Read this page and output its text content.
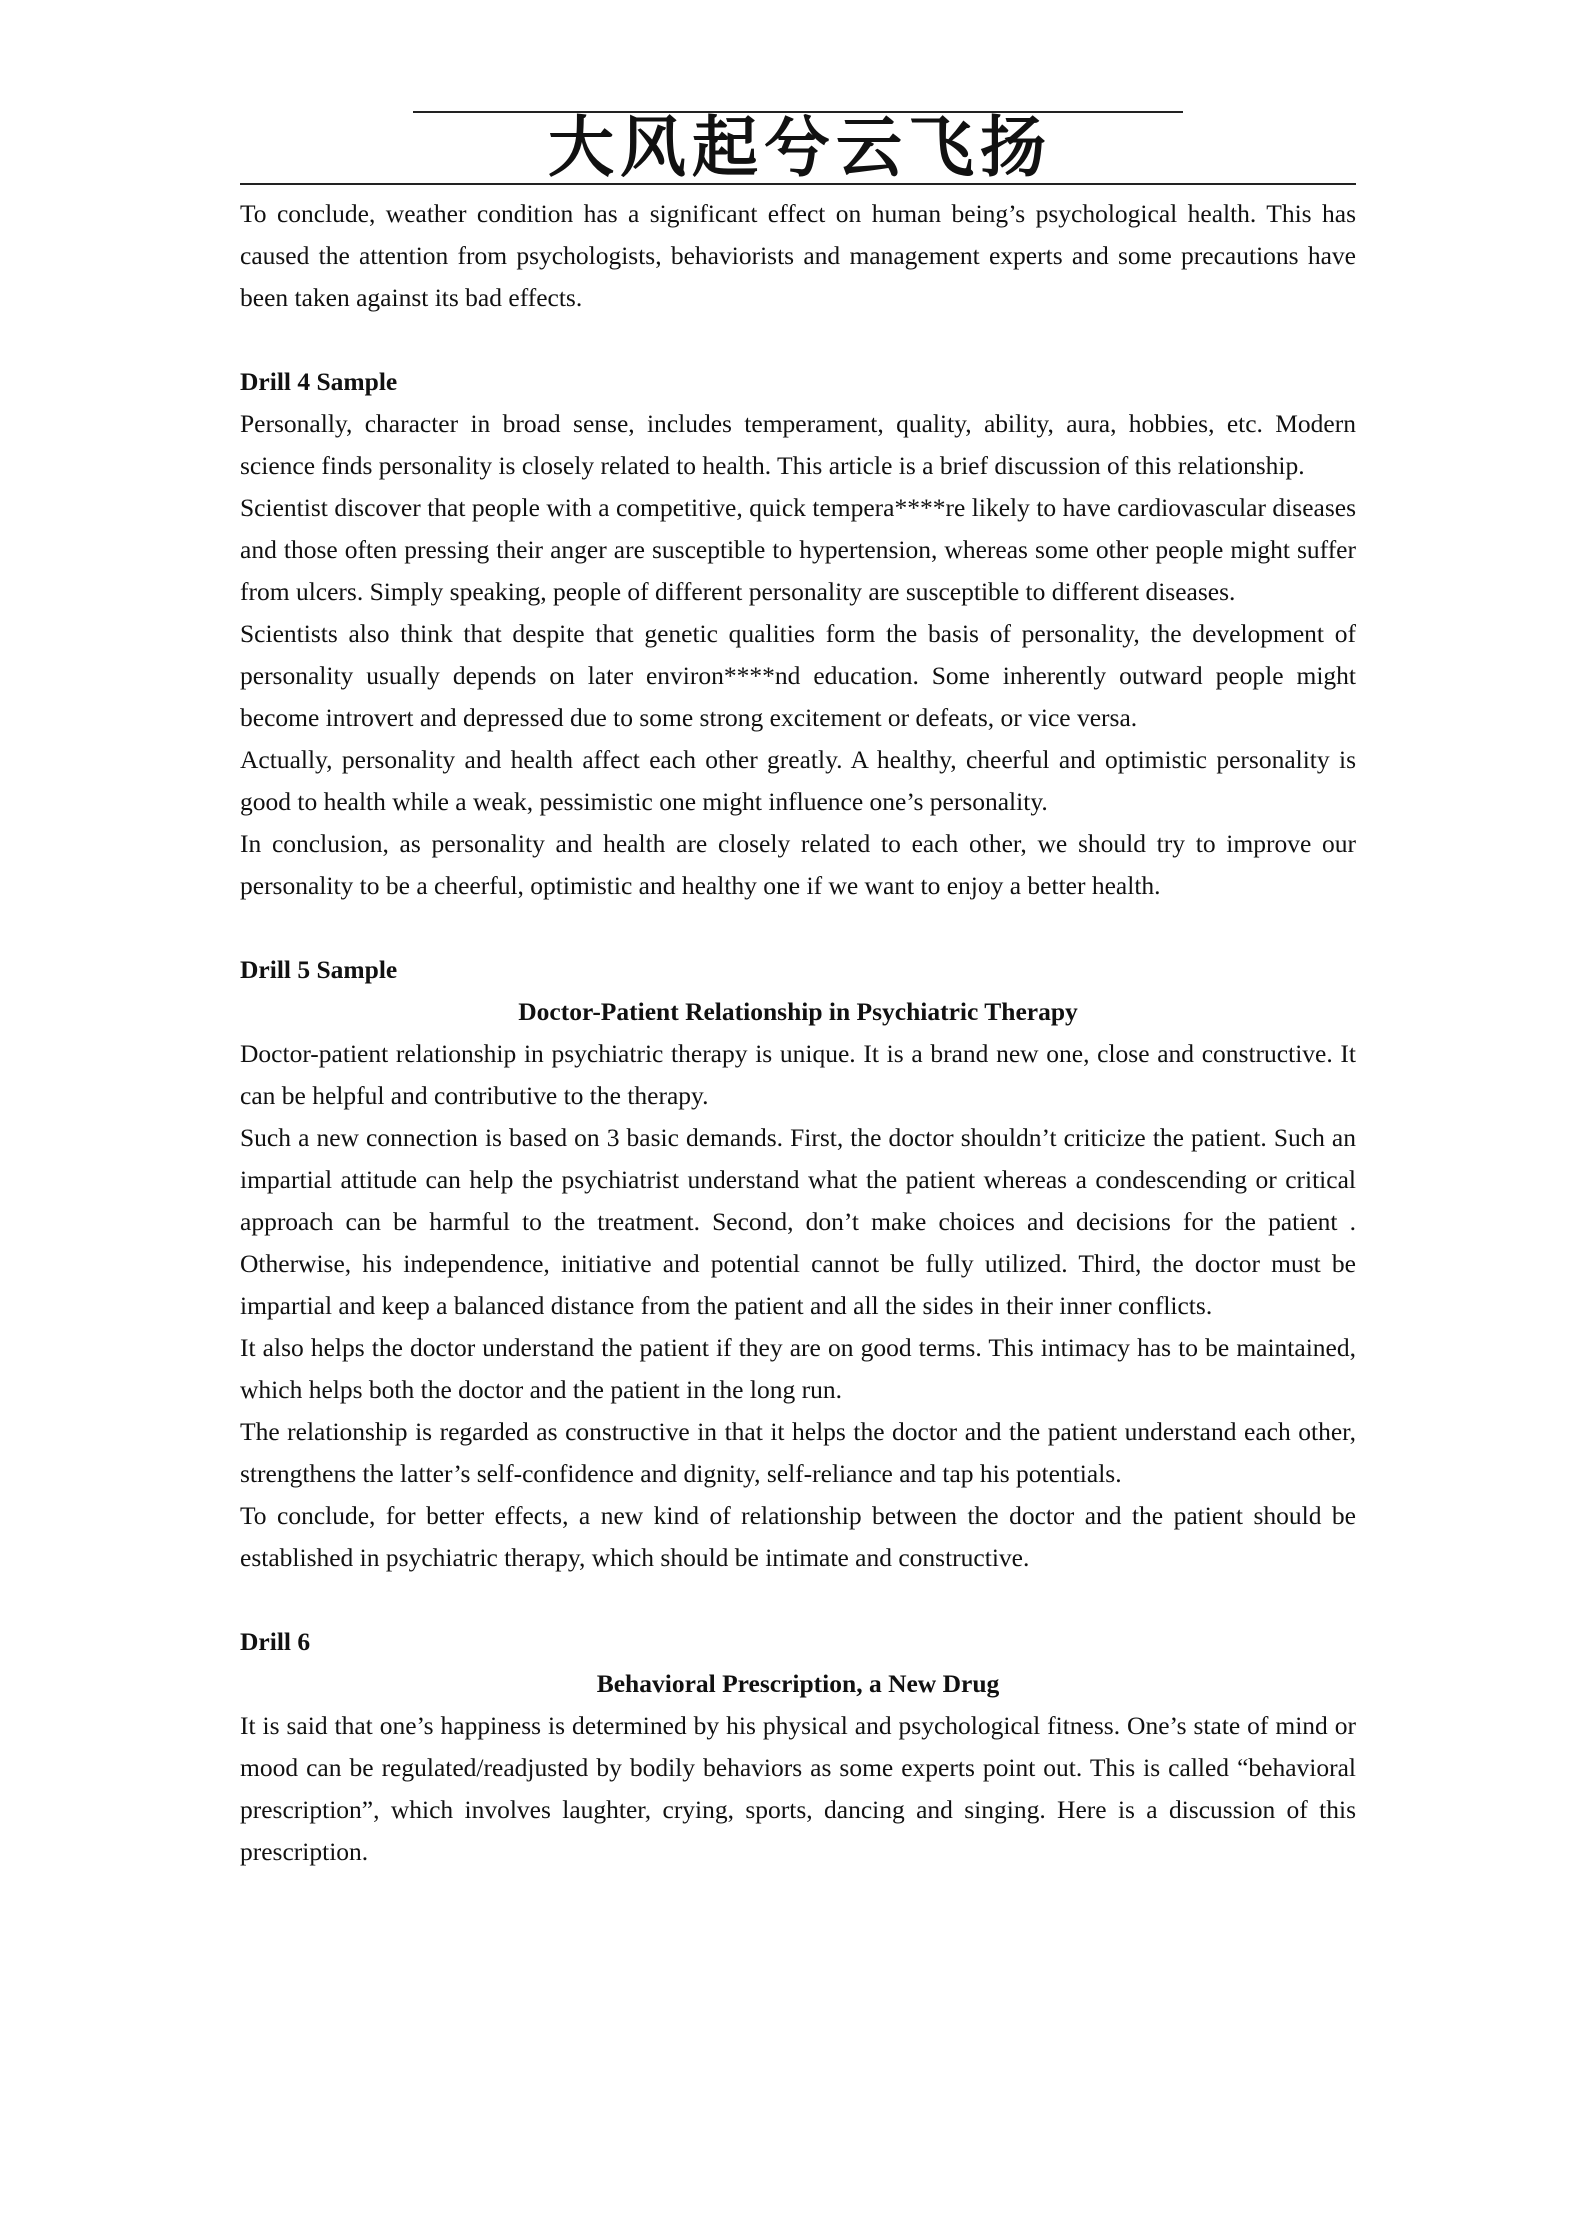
大风起兮云飞扬

To conclude, weather condition has a significant effect on human being’s psychological health. This has caused the attention from psychologists, behaviorists and management experts and some precautions have been taken against its bad effects.

Drill 4 Sample

Personally, character in broad sense, includes temperament, quality, ability, aura, hobbies, etc. Modern science finds personality is closely related to health. This article is a brief discussion of this relationship.

Scientist discover that people with a competitive, quick tempera****re likely to have cardiovascular diseases and those often pressing their anger are susceptible to hypertension, whereas some other people might suffer from ulcers. Simply speaking, people of different personality are susceptible to different diseases.

Scientists also think that despite that genetic qualities form the basis of personality, the development of personality usually depends on later environ****nd education. Some inherently outward people might become introvert and depressed due to some strong excitement or defeats, or vice versa.

Actually, personality and health affect each other greatly. A healthy, cheerful and optimistic personality is good to health while a weak, pessimistic one might influence one’s personality.

In conclusion, as personality and health are closely related to each other, we should try to improve our personality to be a cheerful, optimistic and healthy one if we want to enjoy a better health.

Drill 5 Sample

Doctor-Patient Relationship in Psychiatric Therapy

Doctor-patient relationship in psychiatric therapy is unique. It is a brand new one, close and constructive. It can be helpful and contributive to the therapy.

Such a new connection is based on 3 basic demands. First, the doctor shouldn’t criticize the patient. Such an impartial attitude can help the psychiatrist understand what the patient whereas a condescending or critical approach can be harmful to the treatment. Second, don’t make choices and decisions for the patient . Otherwise, his independence, initiative and potential cannot be fully utilized. Third, the doctor must be impartial and keep a balanced distance from the patient and all the sides in their inner conflicts.

It also helps the doctor understand the patient if they are on good terms. This intimacy has to be maintained, which helps both the doctor and the patient in the long run.

The relationship is regarded as constructive in that it helps the doctor and the patient understand each other, strengthens the latter’s self-confidence and dignity, self-reliance and tap his potentials.

To conclude, for better effects, a new kind of relationship between the doctor and the patient should be established in psychiatric therapy, which should be intimate and constructive.

Drill 6

Behavioral Prescription, a New Drug

It is said that one’s happiness is determined by his physical and psychological fitness. One’s state of mind or mood can be regulated/readjusted by bodily behaviors as some experts point out. This is called “behavioral prescription”, which involves laughter, crying, sports, dancing and singing. Here is a discussion of this prescription.
